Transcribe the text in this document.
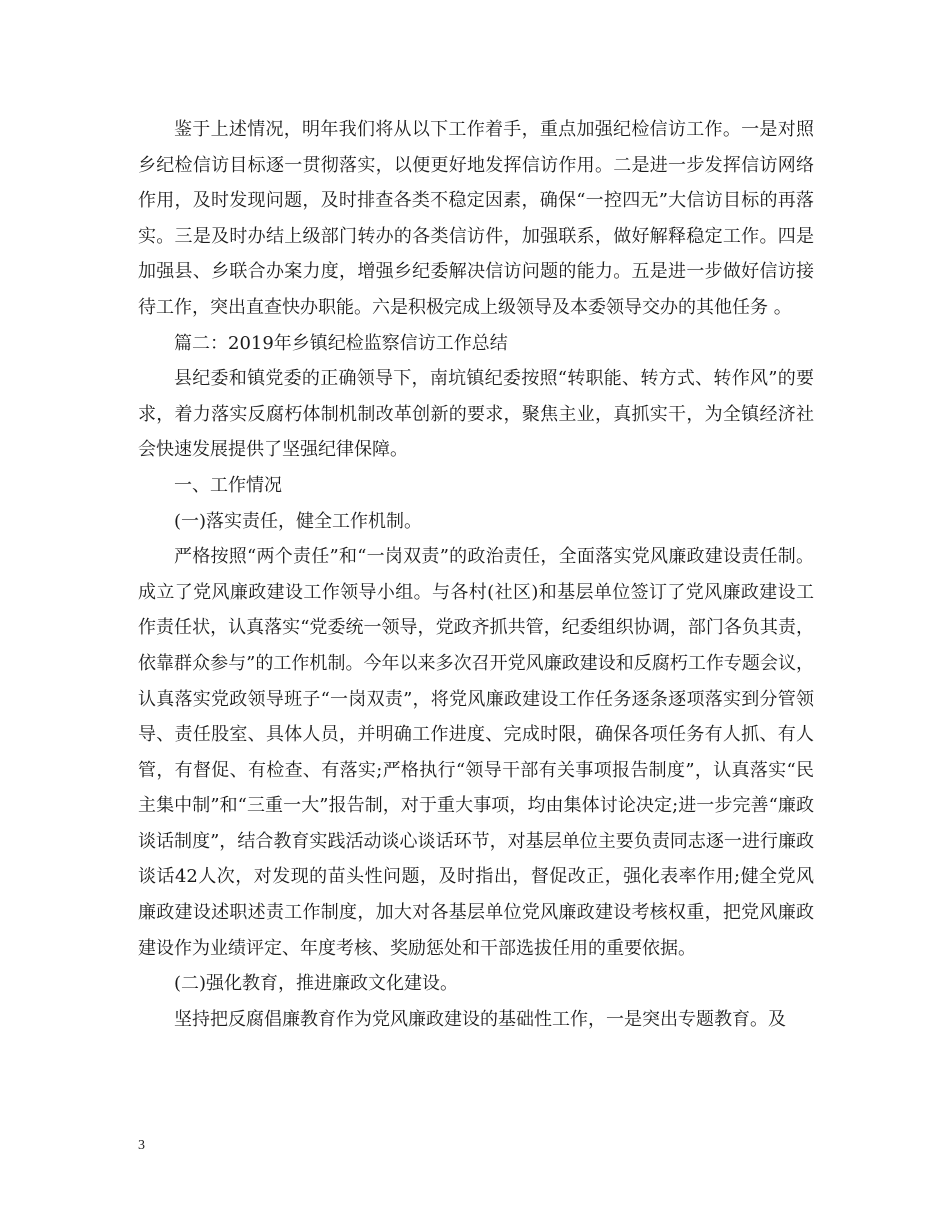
鉴于上述情况，明年我们将从以下工作着手，重点加强纪检信访工作。一是对照乡纪检信访目标逐一贯彻落实，以便更好地发挥信访作用。二是进一步发挥信访网络作用，及时发现问题，及时排查各类不稳定因素，确保“一控四无”大信访目标的再落实。三是及时办结上级部门转办的各类信访件，加强联系，做好解释稳定工作。四是加强县、乡联合办案力度，增强乡纪委解决信访问题的能力。五是进一步做好信访接待工作，突出直查快办职能。六是积极完成上级领导及本委领导交办的其他任务 。

篇二：2019年乡镇纪检监察信访工作总结

县纪委和镇党委的正确领导下，南坑镇纪委按照“转职能、转方式、转作风”的要求，着力落实反腐朽体制机制改革创新的要求，聚焦主业，真抓实干，为全镇经济社会快速发展提供了坚强纪律保障。

一、工作情况

(一)落实责任，健全工作机制。

严格按照“两个责任”和“一岗双责”的政治责任，全面落实党风廉政建设责任制。成立了党风廉政建设工作领导小组。与各村(社区)和基层单位签订了党风廉政建设工作责任状，认真落实“党委统一领导，党政齐抓共管，纪委组织协调，部门各负其责，依靠群众参与”的工作机制。今年以来多次召开党风廉政建设和反腐朽工作专题会议，认真落实党政领导班子“一岗双责”，将党风廉政建设工作任务逐条逐项落实到分管领导、责任股室、具体人员，并明确工作进度、完成时限，确保各项任务有人抓、有人管，有督促、有检查、有落实;严格执行“领导干部有关事项报告制度”，认真落实“民主集中制”和“三重一大”报告制，对于重大事项，均由集体讨论决定;进一步完善“廉政谈话制度”，结合教育实践活动谈心谈话环节，对基层单位主要负责同志逐一进行廉政谈话42人次，对发现的苗头性问题，及时指出，督促改正，强化表率作用;健全党风廉政建设述职述责工作制度，加大对各基层单位党风廉政建设考核权重，把党风廉政建设作为业绩评定、年度考核、奖励惩处和干部选拔任用的重要依据。

(二)强化教育，推进廉政文化建设。

坚持把反腐倡廉教育作为党风廉政建设的基础性工作，一是突出专题教育。及

3
